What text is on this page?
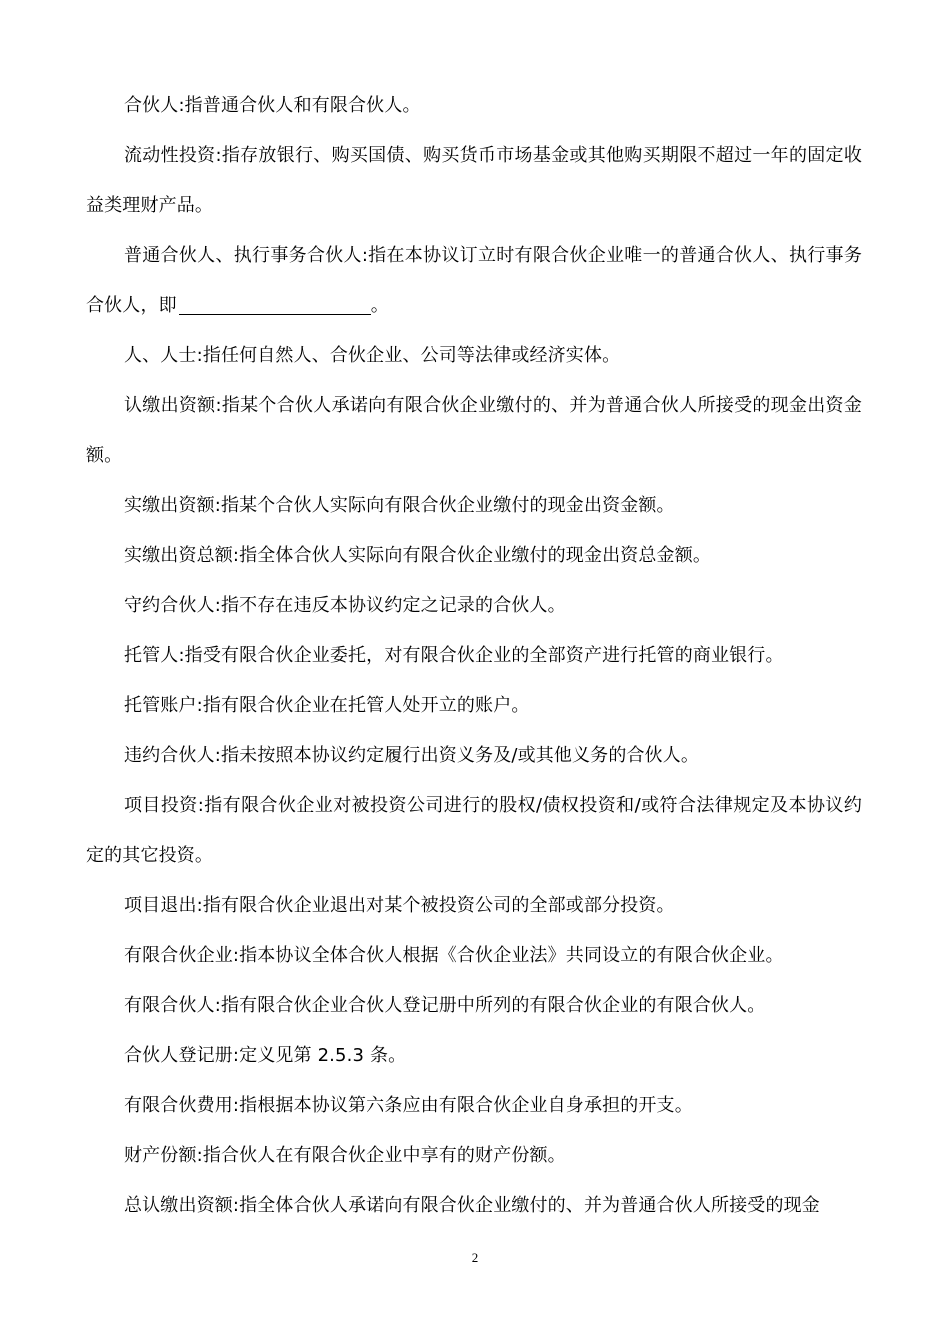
合伙人:指普通合伙人和有限合伙人。

流动性投资:指存放银行、购买国债、购买货币市场基金或其他购买期限不超过一年的固定收益类理财产品。

普通合伙人、执行事务合伙人:指在本协议订立时有限合伙企业唯一的普通合伙人、执行事务合伙人，即	。

人、人士:指任何自然人、合伙企业、公司等法律或经济实体。

认缴出资额:指某个合伙人承诺向有限合伙企业缴付的、并为普通合伙人所接受的现金出资金额。

实缴出资额:指某个合伙人实际向有限合伙企业缴付的现金出资金额。

实缴出资总额:指全体合伙人实际向有限合伙企业缴付的现金出资总金额。

守约合伙人:指不存在违反本协议约定之记录的合伙人。

托管人:指受有限合伙企业委托，对有限合伙企业的全部资产进行托管的商业银行。

托管账户:指有限合伙企业在托管人处开立的账户。

违约合伙人:指未按照本协议约定履行出资义务及/或其他义务的合伙人。

项目投资:指有限合伙企业对被投资公司进行的股权/债权投资和/或符合法律规定及本协议约定的其它投资。

项目退出:指有限合伙企业退出对某个被投资公司的全部或部分投资。

有限合伙企业:指本协议全体合伙人根据《合伙企业法》共同设立的有限合伙企业。

有限合伙人:指有限合伙企业合伙人登记册中所列的有限合伙企业的有限合伙人。

合伙人登记册:定义见第 2.5.3 条。

有限合伙费用:指根据本协议第六条应由有限合伙企业自身承担的开支。

财产份额:指合伙人在有限合伙企业中享有的财产份额。

总认缴出资额:指全体合伙人承诺向有限合伙企业缴付的、并为普通合伙人所接受的现金

2
